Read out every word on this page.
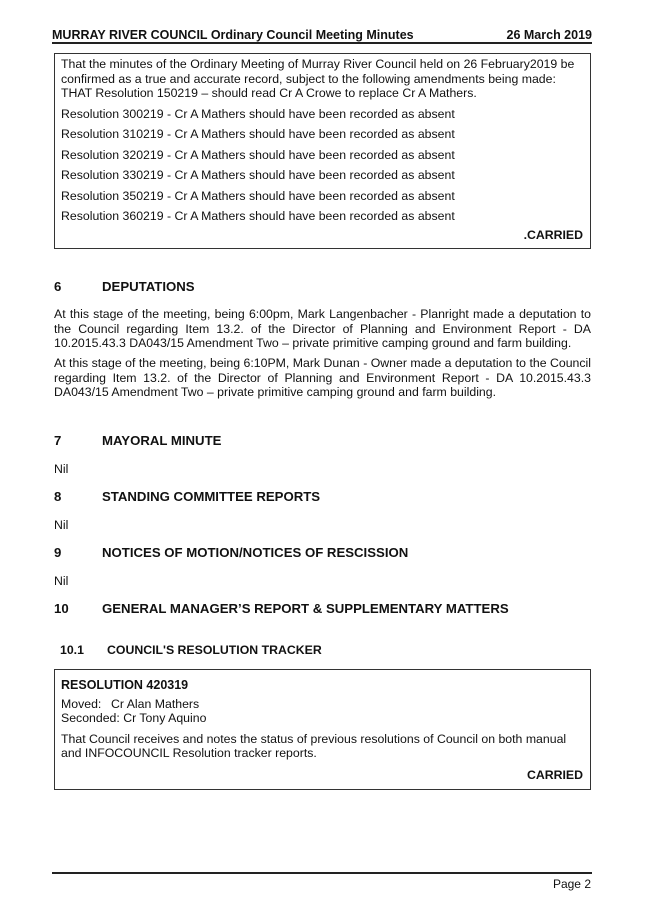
MURRAY RIVER COUNCIL Ordinary Council Meeting Minutes	26 March 2019

That the minutes of the Ordinary Meeting of Murray River Council held on 26 February2019 be confirmed as a true and accurate record, subject to the following amendments being made: THAT Resolution 150219 – should read Cr A Crowe to replace Cr A Mathers.

Resolution 300219 - Cr A Mathers should have been recorded as absent

Resolution 310219 - Cr A Mathers should have been recorded as absent

Resolution 320219 - Cr A Mathers should have been recorded as absent

Resolution 330219 - Cr A Mathers should have been recorded as absent

Resolution 350219 - Cr A Mathers should have been recorded as absent

Resolution 360219 - Cr A Mathers should have been recorded as absent

.CARRIED
6	DEPUTATIONS

At this stage of the meeting, being 6:00pm, Mark Langenbacher - Planright made a deputation to the Council regarding Item 13.2. of the Director of Planning and Environment Report - DA 10.2015.43.3 DA043/15 Amendment Two – private primitive camping ground and farm building.

At this stage of the meeting, being 6:10PM, Mark Dunan - Owner made a deputation to the Council regarding Item 13.2. of the Director of Planning and Environment Report - DA 10.2015.43.3 DA043/15 Amendment Two – private primitive camping ground and farm building.

7	MAYORAL MINUTE
Nil
8	STANDING COMMITTEE REPORTS
Nil
9	NOTICES OF MOTION/NOTICES OF RESCISSION
Nil
10	GENERAL MANAGER’S REPORT & SUPPLEMENTARY MATTERS
10.1 COUNCIL'S RESOLUTION TRACKER

RESOLUTION 420319

Moved: Cr Alan Mathers

Seconded: Cr Tony Aquino

That Council receives and notes the status of previous resolutions of Council on both manual and INFOCOUNCIL Resolution tracker reports.

CARRIED
Page 2
